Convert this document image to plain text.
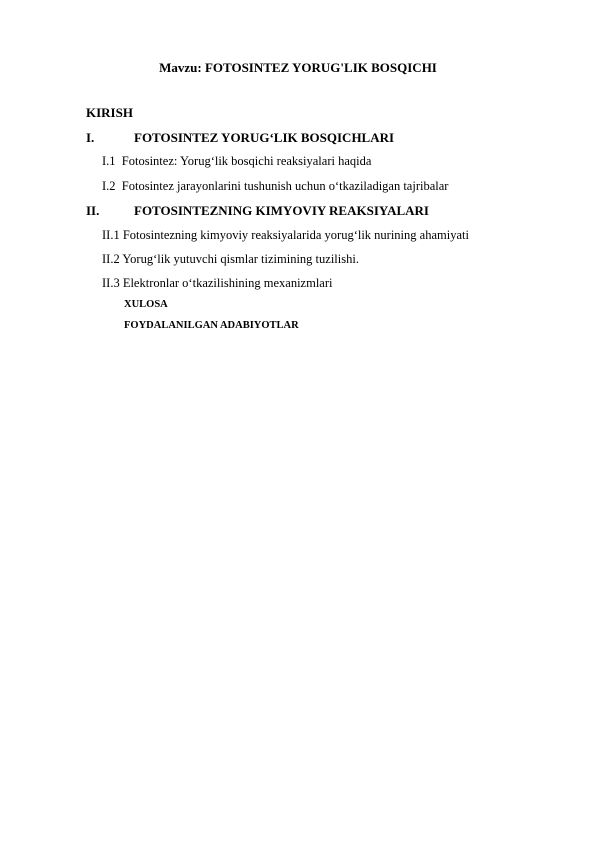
Mavzu: FOTOSINTEZ YORUG'LIK BOSQICHI
KIRISH
I.	FOTOSINTEZ YORUG‘LIK BOSQICHLARI
I.1 Fotosintez: Yorug‘lik bosqichi reaksiyalari haqida
I.2 Fotosintez jarayonlarini tushunish uchun o‘tkaziladigan tajribalar
II.	FOTOSINTEZNING KIMYOVIY REAKSIYALARI
II.1 Fotosintezning kimyoviy reaksiyalarida yorug‘lik nurining ahamiyati
II.2 Yorug‘lik yutuvchi qismlar tizimining tuzilishi.
II.3 Elektronlar o‘tkazilishining mexanizmlari
XULOSA
FOYDALANILGAN ADABIYOTLAR
